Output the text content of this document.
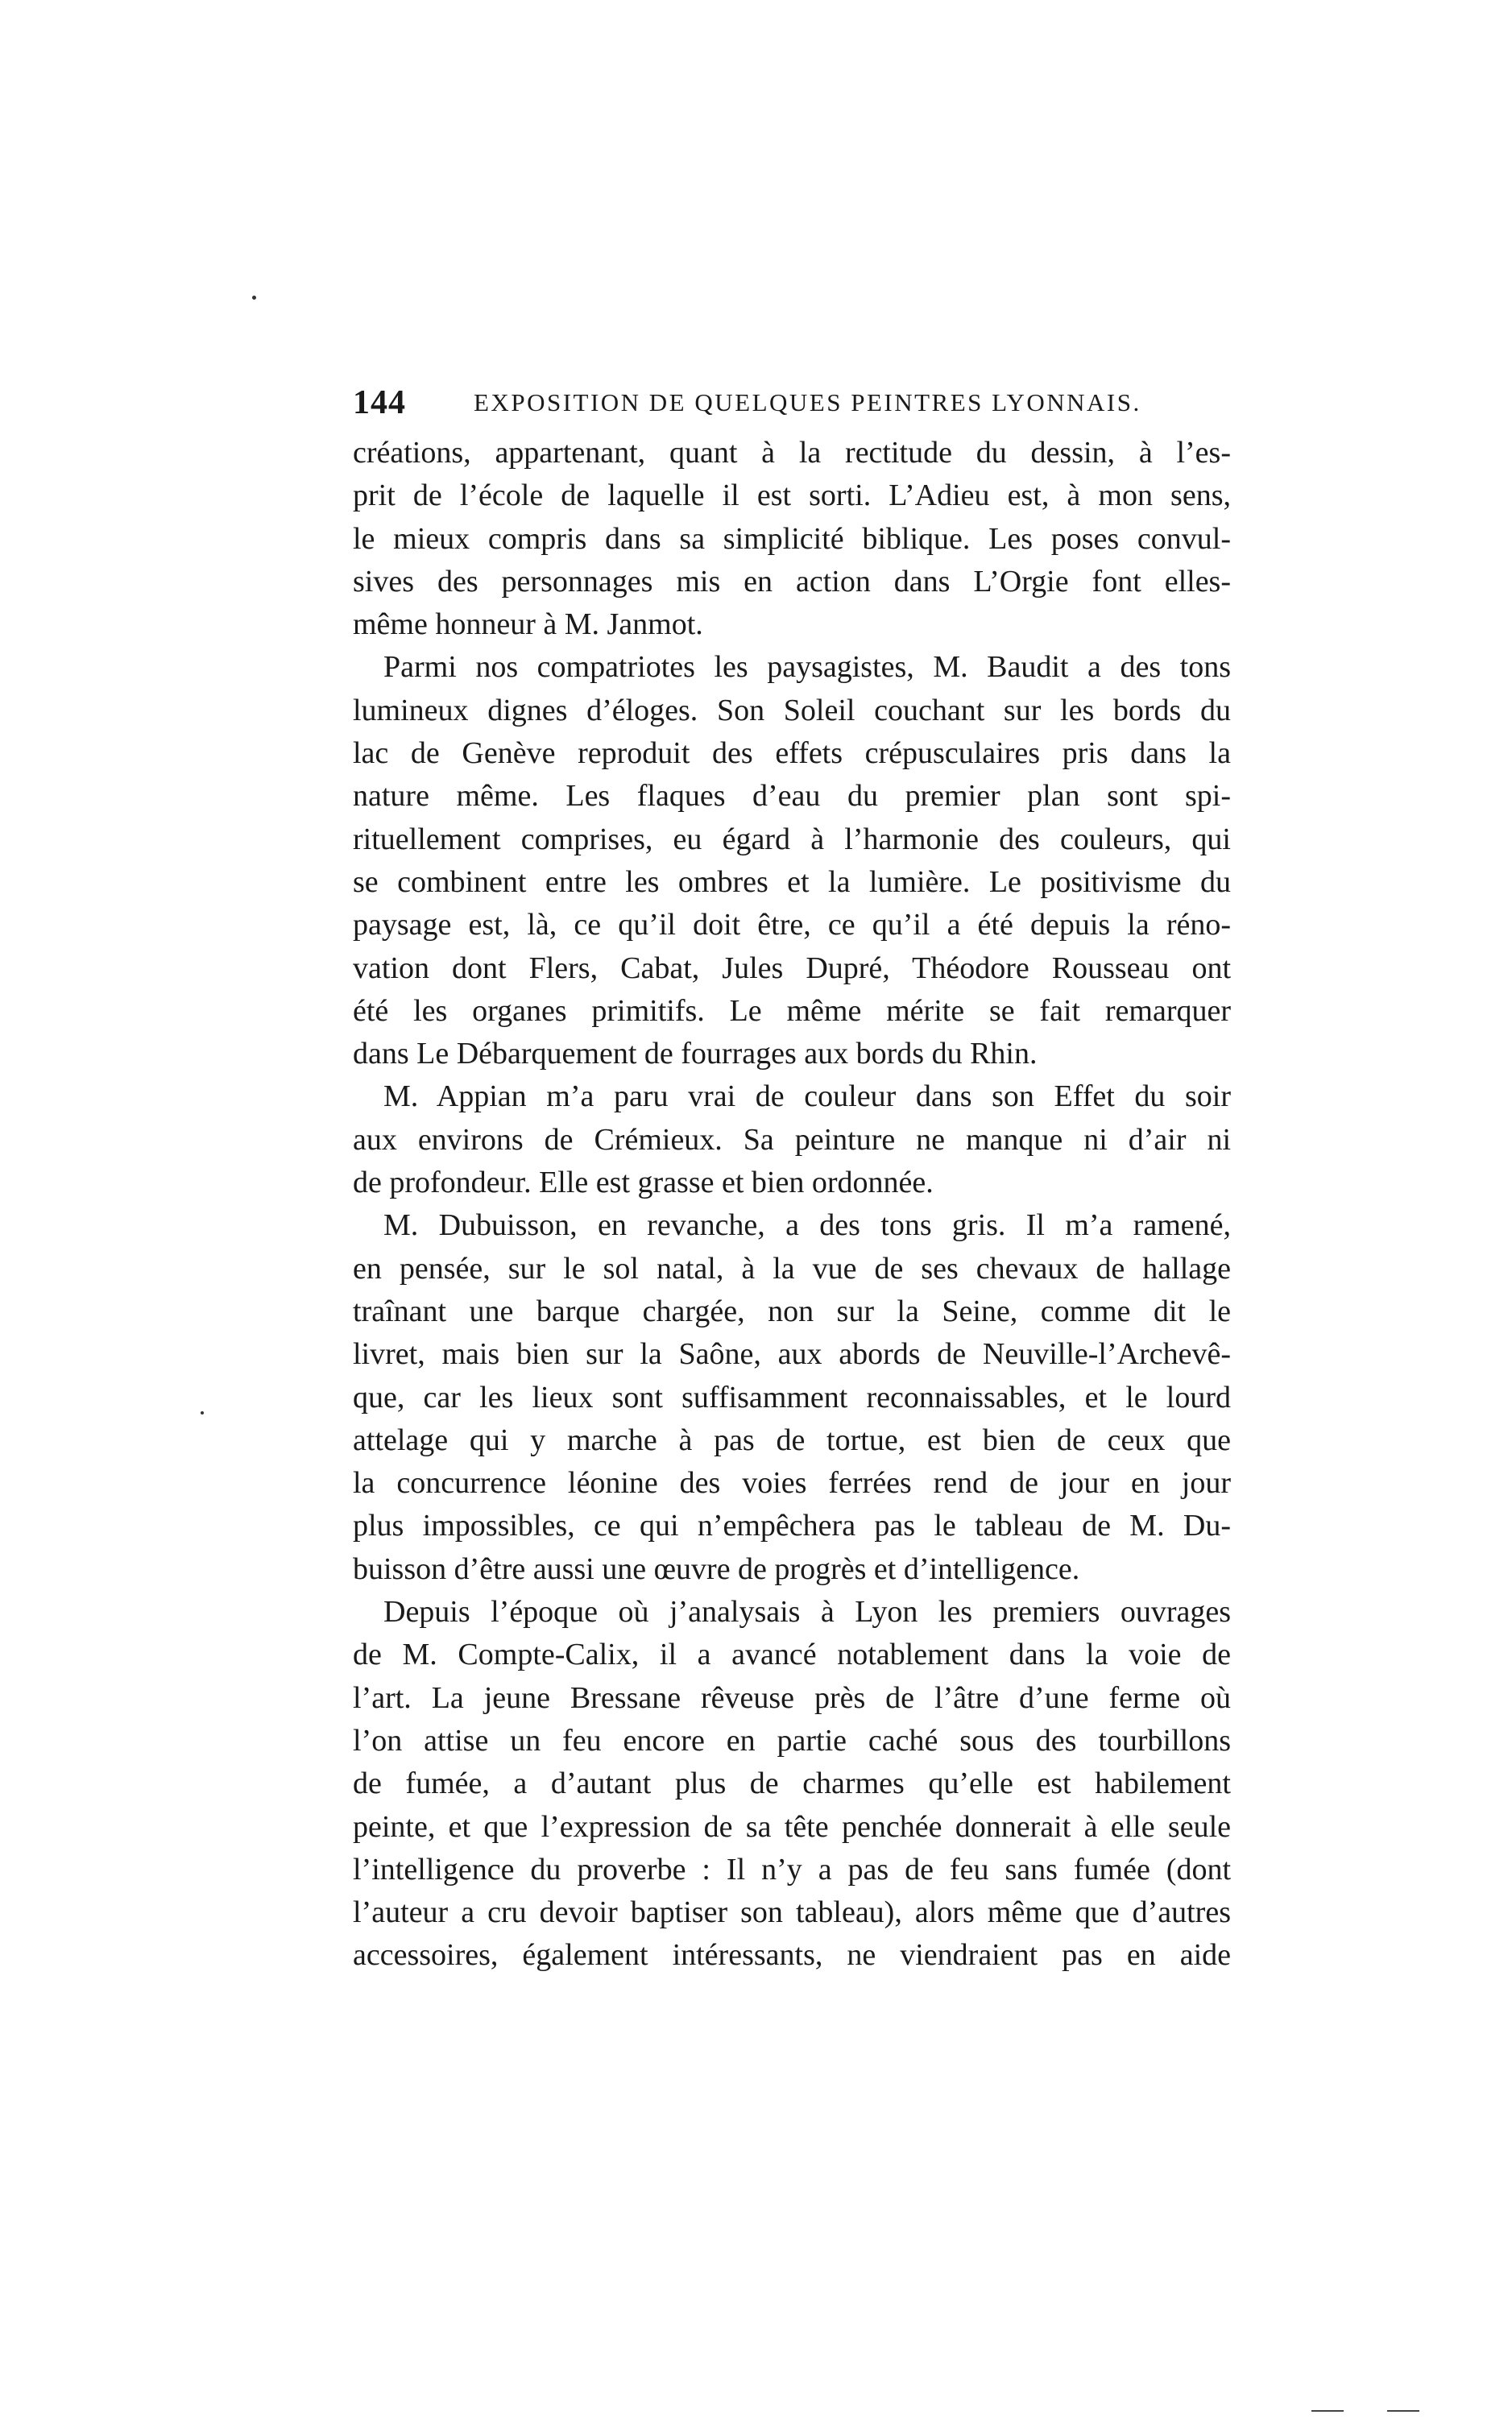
144	EXPOSITION DE QUELQUES PEINTRES LYONNAIS.
créations, appartenant, quant à la rectitude du dessin, à l’es-
prit de l’école de laquelle il est sorti. L’Adieu est, à mon sens,
le mieux compris dans sa simplicité biblique. Les poses convul-
sives des personnages mis en action dans L’Orgie font elles-
même honneur à M. Janmot.
Parmi nos compatriotes les paysagistes, M. Baudit a des tons
lumineux dignes d’éloges. Son Soleil couchant sur les bords du
lac de Genève reproduit des effets crépusculaires pris dans la
nature même. Les flaques d’eau du premier plan sont spi-
rituellement comprises, eu égard à l’harmonie des couleurs, qui
se combinent entre les ombres et la lumière. Le positivisme du
paysage est, là, ce qu’il doit être, ce qu’il a été depuis la réno-
vation dont Flers, Cabat, Jules Dupré, Théodore Rousseau ont
été les organes primitifs. Le même mérite se fait remarquer
dans Le Débarquement de fourrages aux bords du Rhin.
M. Appian m’a paru vrai de couleur dans son Effet du soir
aux environs de Crémieux. Sa peinture ne manque ni d’air ni
de profondeur. Elle est grasse et bien ordonnée.
M. Dubuisson, en revanche, a des tons gris. Il m’a ramené,
en pensée, sur le sol natal, à la vue de ses chevaux de hallage
traînant une barque chargée, non sur la Seine, comme dit le
livret, mais bien sur la Saône, aux abords de Neuville-l’Archevê-
que, car les lieux sont suffisamment reconnaissables, et le lourd
attelage qui y marche à pas de tortue, est bien de ceux que
la concurrence léonine des voies ferrées rend de jour en jour
plus impossibles, ce qui n’empêchera pas le tableau de M. Du-
buisson d’être aussi une œuvre de progrès et d’intelligence.
Depuis l’époque où j’analysais à Lyon les premiers ouvrages
de M. Compte-Calix, il a avancé notablement dans la voie de
l’art. La jeune Bressane rêveuse près de l’âtre d’une ferme où
l’on attise un feu encore en partie caché sous des tourbillons
de fumée, a d’autant plus de charmes qu’elle est habilement
peinte, et que l’expression de sa tête penchée donnerait à elle seule
l’intelligence du proverbe : Il n’y a pas de feu sans fumée (dont
l’auteur a cru devoir baptiser son tableau), alors même que d’autres
accessoires, également intéressants, ne viendraient pas en aide
